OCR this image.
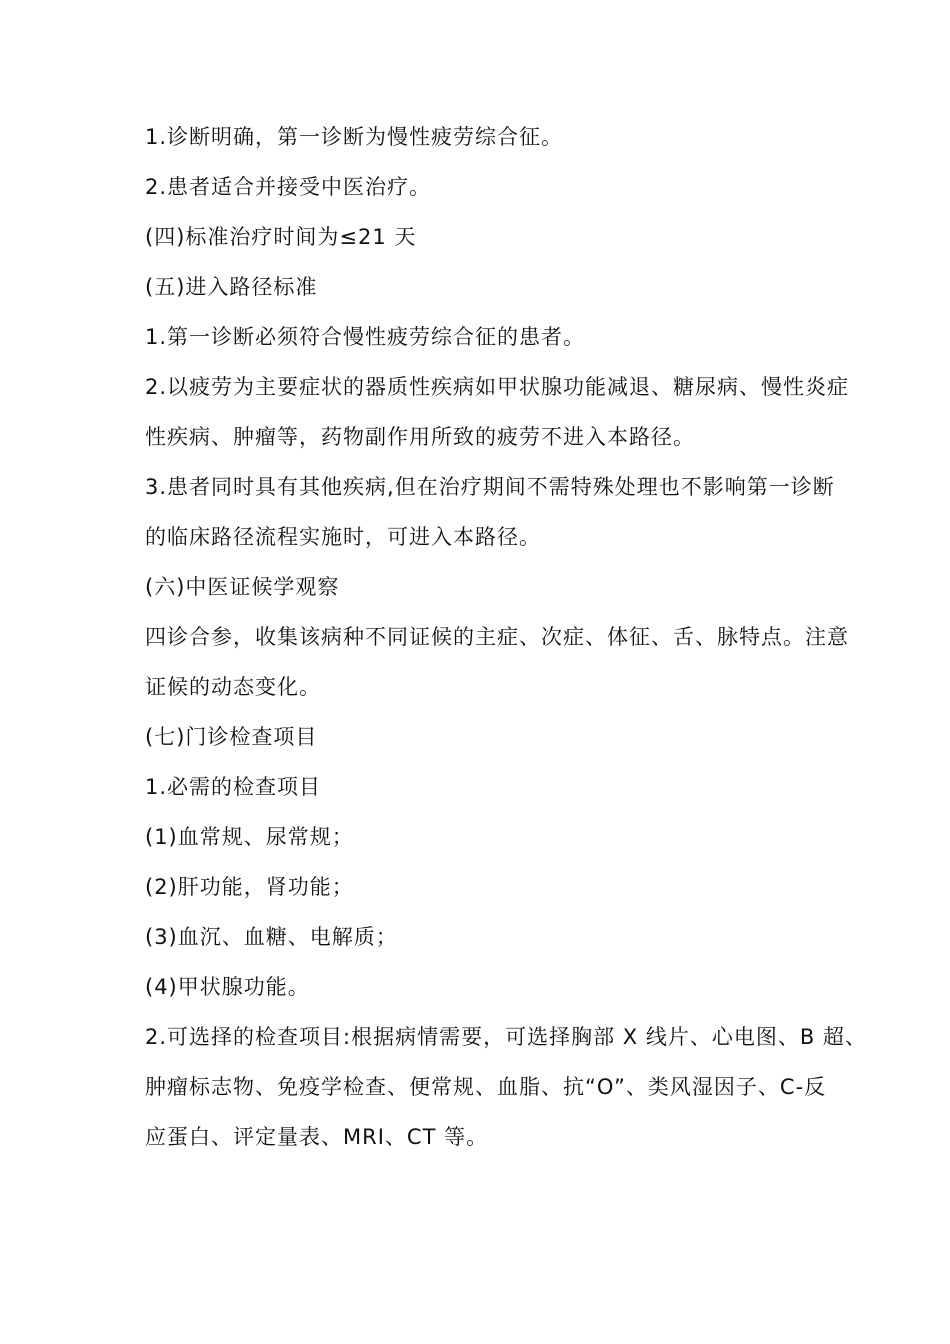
1.诊断明确，第一诊断为慢性疲劳综合征。
2.患者适合并接受中医治疗。
(四)标准治疗时间为≤21 天
(五)进入路径标准
1.第一诊断必须符合慢性疲劳综合征的患者。
2.以疲劳为主要症状的器质性疾病如甲状腺功能减退、糖尿病、慢性炎症
性疾病、肿瘤等，药物副作用所致的疲劳不进入本路径。
3.患者同时具有其他疾病,但在治疗期间不需特殊处理也不影响第一诊断
的临床路径流程实施时，可进入本路径。
(六)中医证候学观察
四诊合参，收集该病种不同证候的主症、次症、体征、舌、脉特点。注意
证候的动态变化。
(七)门诊检查项目
1.必需的检查项目
(1)血常规、尿常规；
(2)肝功能，肾功能；
(3)血沉、血糖、电解质；
(4)甲状腺功能。
2.可选择的检查项目:根据病情需要，可选择胸部 X 线片、心电图、B 超、
肿瘤标志物、免疫学检查、便常规、血脂、抗“O”、类风湿因子、C-反
应蛋白、评定量表、MRI、CT 等。
